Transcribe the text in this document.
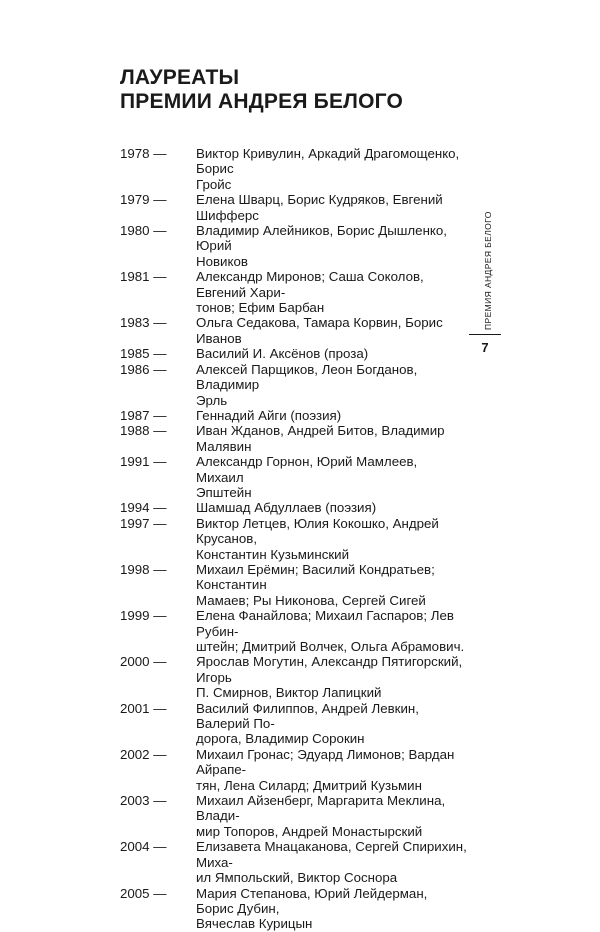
ЛАУРЕАТЫ
ПРЕМИИ АНДРЕЯ БЕЛОГО
1978 —	Виктор Кривулин, Аркадий Драгомощенко, Борис
Гройс
1979 —	Елена Шварц, Борис Кудряков, Евгений Шифферс
1980 —	Владимир Алейников, Борис Дышленко, Юрий
Новиков
1981 —	Александр Миронов; Саша Соколов, Евгений Хари-
тонов; Ефим Барбан
1983 —	Ольга Седакова, Тамара Корвин, Борис Иванов
1985 —	Василий И. Аксёнов (проза)
1986 —	Алексей Парщиков, Леон Богданов, Владимир
Эрль
1987 —	Геннадий Айги (поэзия)
1988 —	Иван Жданов, Андрей Битов, Владимир Малявин
1991 —	Александр Горнон, Юрий Мамлеев, Михаил
Эпштейн
1994 —	Шамшад Абдуллаев (поэзия)
1997 —	Виктор Летцев, Юлия Кокошко, Андрей Крусанов,
Константин Кузьминский
1998 —	Михаил Ерёмин; Василий Кондратьев; Константин
Мамаев; Ры Никонова, Сергей Сигей
1999 —	Елена Фанайлова; Михаил Гаспаров; Лев Рубин-
штейн; Дмитрий Волчек, Ольга Абрамович.
2000 —	Ярослав Могутин, Александр Пятигорский, Игорь
П. Смирнов, Виктор Лапицкий
2001 —	Василий Филиппов, Андрей Левкин, Валерий По-
дорога, Владимир Сорокин
2002 —	Михаил Гронас; Эдуард Лимонов; Вардан Айрапе-
тян, Лена Силард; Дмитрий Кузьмин
2003 —	Михаил Айзенберг, Маргарита Меклина, Влади-
мир Топоров, Андрей Монастырский
2004 —	Елизавета Мнацаканова, Сергей Спирихин, Миха-
ил Ямпольский, Виктор Соснора
2005 —	Мария Степанова, Юрий Лейдерман, Борис Дубин,
Вячеслав Курицын
ПРЕМИЯ АНДРЕЯ БЕЛОГО
7
